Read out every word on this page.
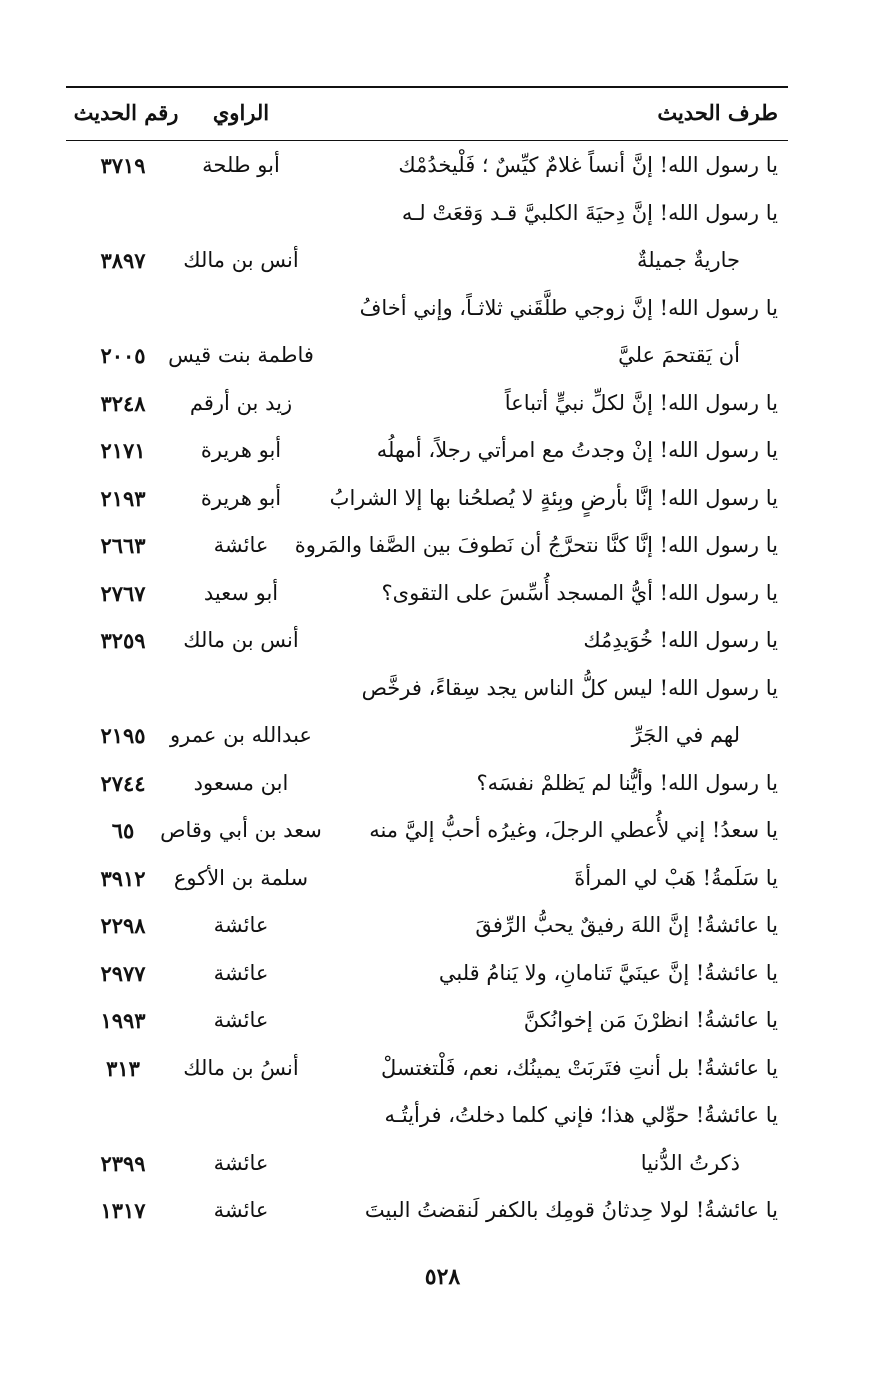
طرف الحديث
الراوي
رقم الحديث
يا رسول الله! إنَّ أنساً غلامٌ كيِّسٌ ؛ فَلْيخدُمْك
أبو طلحة
٣٧١٩
يا رسول الله! إنَّ دِحيَةَ الكلبيَّ قـد وَقعَتْ لـه
جاريةٌ جميلةٌ
أنس بن مالك
٣٨٩٧
يا رسول الله! إنَّ زوجي طلَّقَني ثلاثـاً، وإني أخافُ
أن يَقتحمَ عليَّ
فاطمة بنت قيس
٢٠٠٥
يا رسول الله! إنَّ لكلِّ نبيٍّ أتباعاً
زيد بن أرقم
٣٢٤٨
يا رسول الله! إنْ وجدتُ مع امرأتي رجلاً، أمهلُه
أبو هريرة
٢١٧١
يا رسول الله! إنَّا بأرضٍ وبِئةٍ لا يُصلحُنا بها إلا الشرابُ
أبو هريرة
٢١٩٣
يا رسول الله! إنَّا كنَّا نتحرَّجُ أن نَطوفَ بين الصَّفا والمَروة
عائشة
٢٦٦٣
يا رسول الله! أيُّ المسجد أُسِّسَ على التقوى؟
أبو سعيد
٢٧٦٧
يا رسول الله! خُوَيدِمُك
أنس بن مالك
٣٢٥٩
يا رسول الله! ليس كلُّ الناس يجد سِقاءً، فرخَّص
لهم في الجَرِّ
عبدالله بن عمرو
٢١٩٥
يا رسول الله! وأيُّنا لم يَظلمْ نفسَه؟
ابن مسعود
٢٧٤٤
يا سعدُ! إني لأُعطي الرجلَ، وغيرُه أحبُّ إليَّ منه
سعد بن أبي وقاص
٦٥
يا سَلَمةُ! هَبْ لي المرأةَ
سلمة بن الأكوع
٣٩١٢
يا عائشةُ! إنَّ اللهَ رفيقٌ يحبُّ الرِّفقَ
عائشة
٢٢٩٨
يا عائشةُ! إنَّ عينَيَّ تَنامانِ، ولا يَنامُ قلبي
عائشة
٢٩٧٧
يا عائشةُ! انظرْنَ مَن إخوانُكنَّ
عائشة
١٩٩٣
يا عائشةُ! بل أنتِ فتَربَتْ يمينُك، نعم، فَلْتغتسلْ
أنسُ بن مالك
٣١٣
يا عائشةُ! حوِّلي هذا؛ فإني كلما دخلتُ، فرأيتُـه
ذكرتُ الدُّنيا
عائشة
٢٣٩٩
يا عائشةُ! لولا حِدثانُ قومِك بالكفر لَنقضتُ البيتَ
عائشة
١٣١٧
٥٢٨
